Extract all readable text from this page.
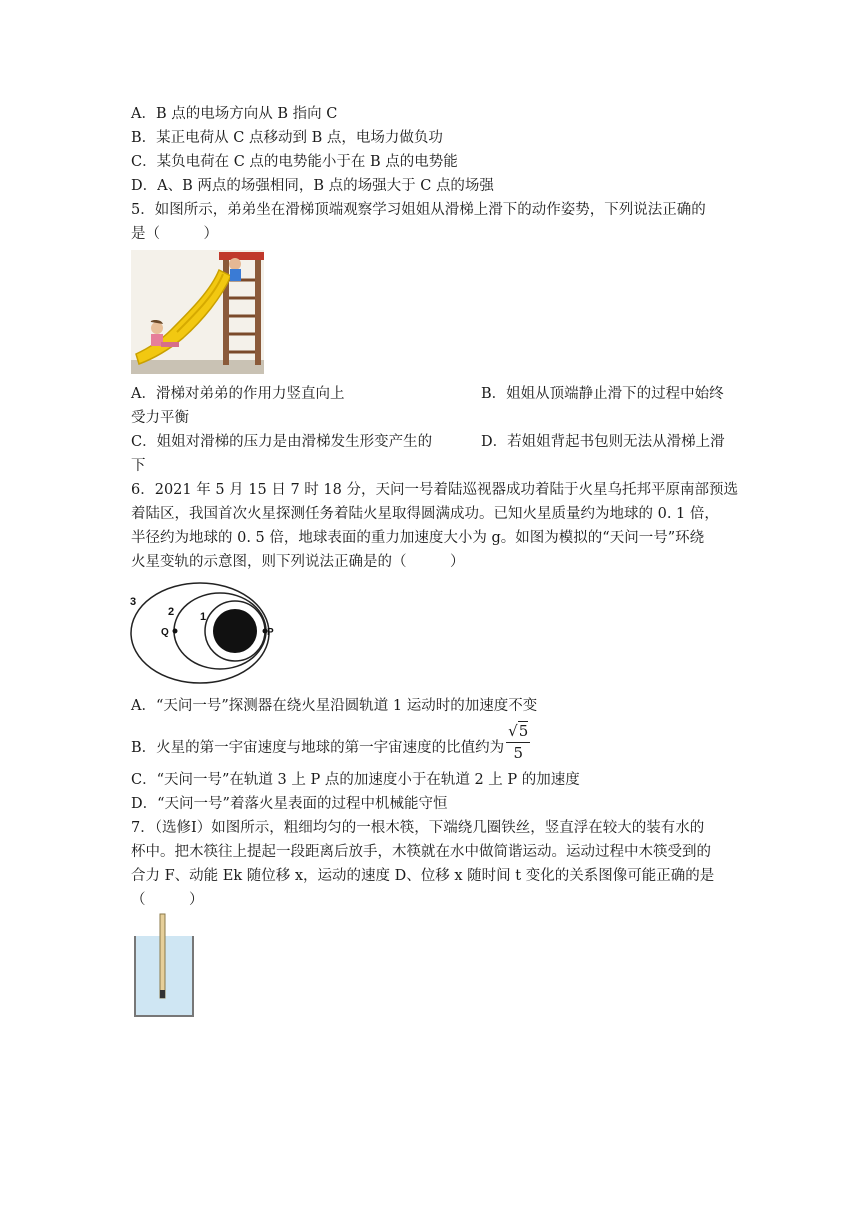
A．B 点的电场方向从 B 指向 C
B．某正电荷从 C 点移动到 B 点，电场力做负功
C．某负电荷在 C 点的电势能小于在 B 点的电势能
D．A、B 两点的场强相同，B 点的场强大于 C 点的场强
5．如图所示，弟弟坐在滑梯顶端观察学习姐姐从滑梯上滑下的动作姿势，下列说法正确的
是（　　　）
A．滑梯对弟弟的作用力竖直向上	B．姐姐从顶端静止滑下的过程中始终
受力平衡
C．姐姐对滑梯的压力是由滑梯发生形变产生的	D．若姐姐背起书包则无法从滑梯上滑
下
6．2021 年 5 月 15 日 7 时 18 分，天问一号着陆巡视器成功着陆于火星乌托邦平原南部预选
着陆区，我国首次火星探测任务着陆火星取得圆满成功。已知火星质量约为地球的 0. 1 倍，
半径约为地球的 0. 5 倍，地球表面的重力加速度大小为 g。如图为模拟的“天问一号”环绕
火星变轨的示意图，则下列说法正确是的（　　　）
3
2 1
Q	P
A．“天问一号”探测器在绕火星沿圆轨道 1 运动时的加速度不变
B．火星的第一宇宙速度与地球的第一宇宙速度的比值约为 $\frac{√5}{5}$
C．“天问一号”在轨道 3 上 P 点的加速度小于在轨道 2 上 P 的加速度
D．“天问一号”着落火星表面的过程中机械能守恒
7．（选修Ⅰ）如图所示，粗细均匀的一根木筷，下端绕几圈铁丝，竖直浮在较大的装有水的
杯中。把木筷往上提起一段距离后放手，木筷就在水中做简谐运动。运动过程中木筷受到的
合力 F、动能 Ek 随位移 x，运动的速度 D、位移 x 随时间 t 变化的关系图像可能正确的是
（　　　）
